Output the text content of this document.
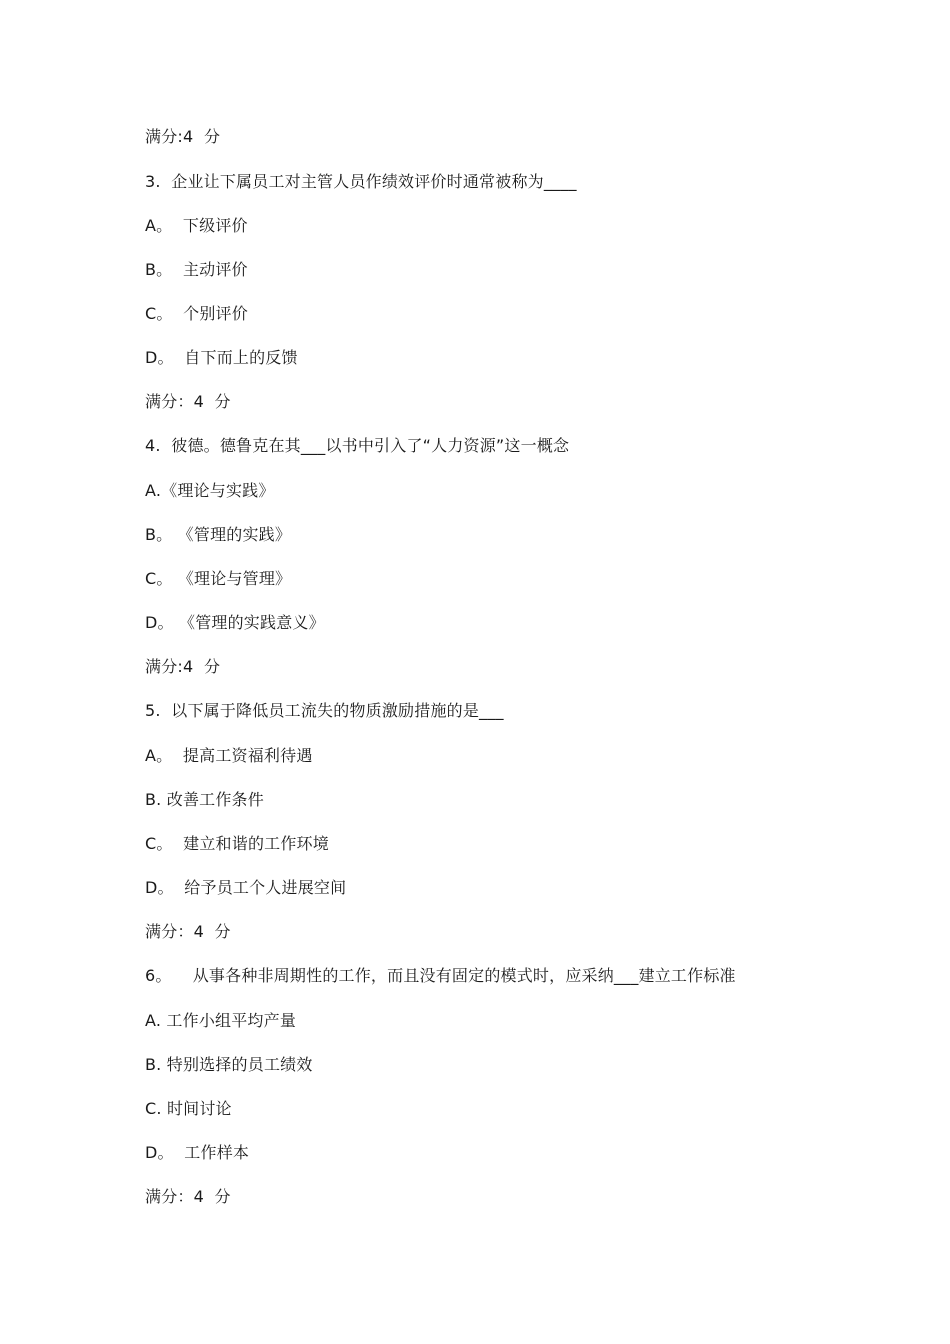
满分:4  分
3.  企业让下属员工对主管人员作绩效评价时通常被称为____
A。  下级评价
B。  主动评价
C。  个别评价
D。  自下而上的反馈
满分：4  分
4.  彼德。德鲁克在其___以书中引入了“人力资源”这一概念
A.《理论与实践》
B。 《管理的实践》
C。 《理论与管理》
D。 《管理的实践意义》
满分:4  分
5.  以下属于降低员工流失的物质激励措施的是___
A。  提高工资福利待遇
B. 改善工作条件
C。  建立和谐的工作环境
D。  给予员工个人进展空间
满分：4  分
6。    从事各种非周期性的工作，而且没有固定的模式时，应采纳___建立工作标准
A. 工作小组平均产量
B. 特别选择的员工绩效
C. 时间讨论
D。  工作样本
满分：4  分
